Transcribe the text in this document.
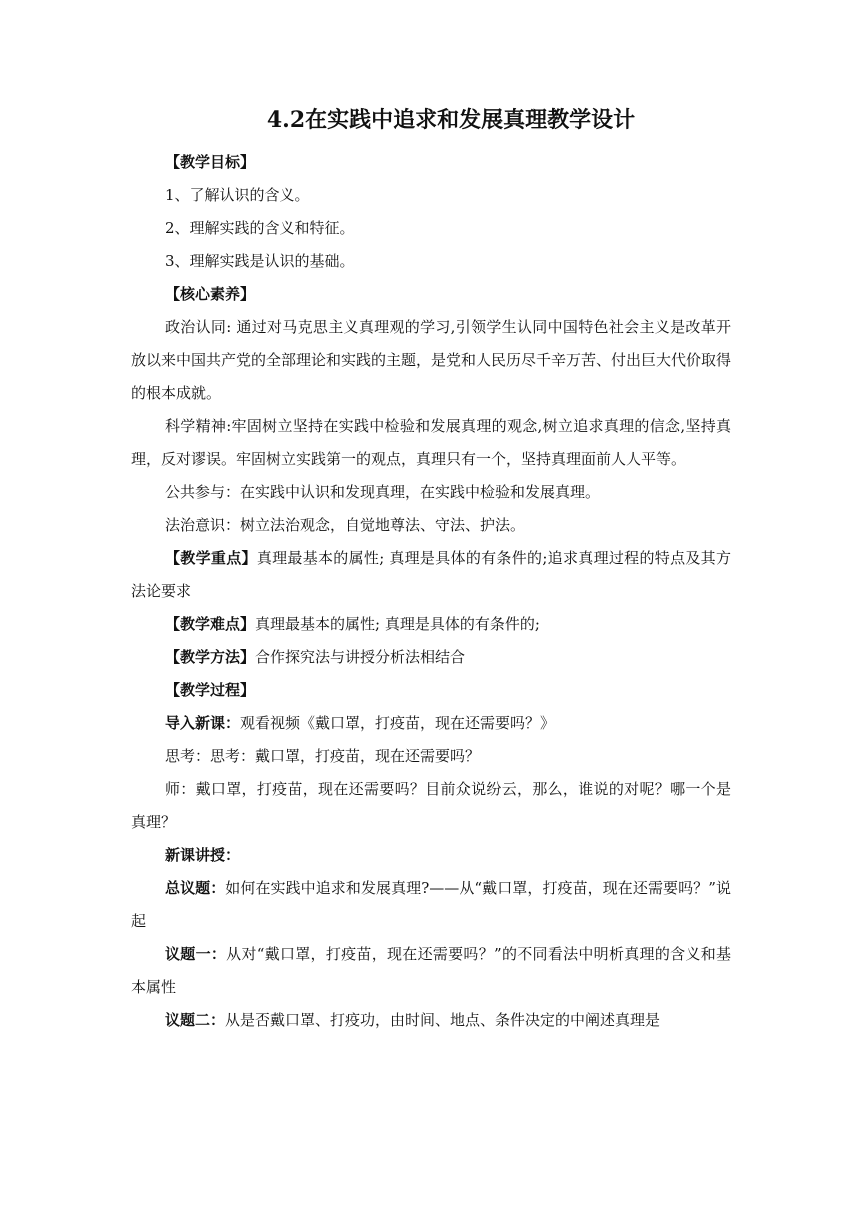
4.2在实践中追求和发展真理教学设计

【教学目标】

1、了解认识的含义。

2、理解实践的含义和特征。

3、理解实践是认识的基础。

【核心素养】

政治认同: 通过对马克思主义真理观的学习,引领学生认同中国特色社会主义是改革开放以来中国共产党的全部理论和实践的主题，是党和人民历尽千辛万苦、付出巨大代价取得的根本成就。

科学精神:牢固树立坚持在实践中检验和发展真理的观念,树立追求真理的信念,坚持真理，反对谬误。牢固树立实践第一的观点，真理只有一个，坚持真理面前人人平等。

公共参与：在实践中认识和发现真理，在实践中检验和发展真理。

法治意识：树立法治观念，自觉地尊法、守法、护法。

【教学重点】真理最基本的属性; 真理是具体的有条件的;追求真理过程的特点及其方法论要求

【教学难点】真理最基本的属性; 真理是具体的有条件的;

【教学方法】合作探究法与讲授分析法相结合

【教学过程】

导入新课：观看视频《戴口罩，打疫苗，现在还需要吗？》

思考：思考：戴口罩，打疫苗，现在还需要吗？

师：戴口罩，打疫苗，现在还需要吗？目前众说纷云，那么，谁说的对呢？哪一个是真理？

新课讲授：

总议题：如何在实践中追求和发展真理?——从“戴口罩，打疫苗，现在还需要吗？”说起

议题一：从对“戴口罩，打疫苗，现在还需要吗？”的不同看法中明析真理的含义和基本属性

议题二：从是否戴口罩、打疫功，由时间、地点、条件决定的中阐述真理是
